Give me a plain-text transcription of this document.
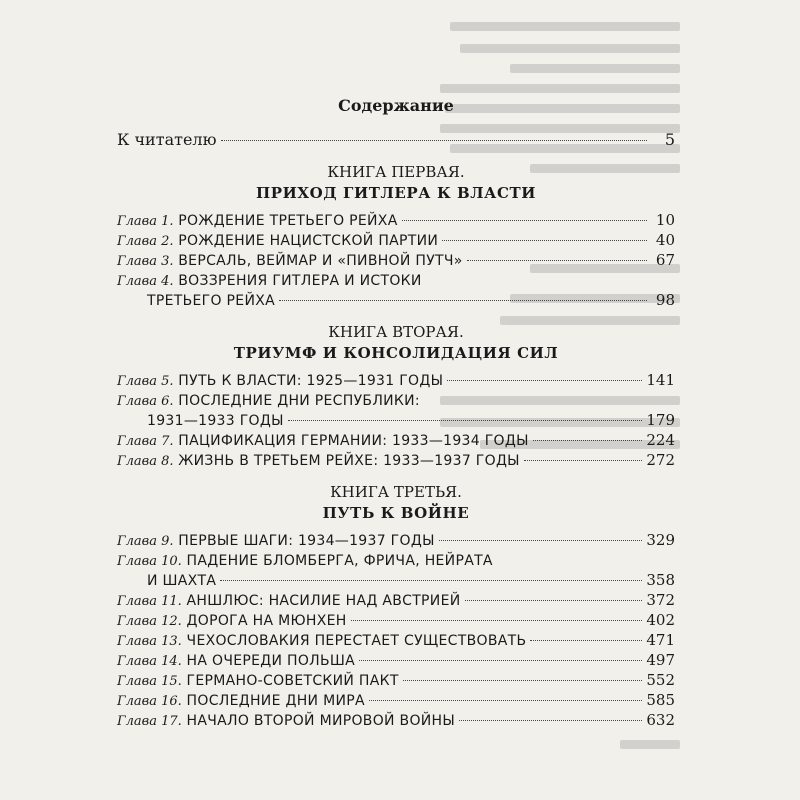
Содержание
К читателю	5
КНИГА ПЕРВАЯ.
ПРИХОД ГИТЛЕРА К ВЛАСТИ
Глава 1. РОЖДЕНИЕ ТРЕТЬЕГО РЕЙХА	10
Глава 2. РОЖДЕНИЕ НАЦИСТСКОЙ ПАРТИИ	40
Глава 3. ВЕРСАЛЬ, ВЕЙМАР И «ПИВНОЙ ПУТЧ»	67
Глава 4. ВОЗЗРЕНИЯ ГИТЛЕРА И ИСТОКИ
ТРЕТЬЕГО РЕЙХА	98
КНИГА ВТОРАЯ.
ТРИУМФ И КОНСОЛИДАЦИЯ СИЛ
Глава 5. ПУТЬ К ВЛАСТИ: 1925—1931 ГОДЫ	141
Глава 6. ПОСЛЕДНИЕ ДНИ РЕСПУБЛИКИ:
1931—1933 ГОДЫ	179
Глава 7. ПАЦИФИКАЦИЯ ГЕРМАНИИ: 1933—1934 ГОДЫ	224
Глава 8. ЖИЗНЬ В ТРЕТЬЕМ РЕЙХЕ: 1933—1937 ГОДЫ	272
КНИГА ТРЕТЬЯ.
ПУТЬ К ВОЙНЕ
Глава 9. ПЕРВЫЕ ШАГИ: 1934—1937 ГОДЫ	329
Глава 10. ПАДЕНИЕ БЛОМБЕРГА, ФРИЧА, НЕЙРАТА
И ШАХТА	358
Глава 11. АНШЛЮС: НАСИЛИЕ НАД АВСТРИЕЙ	372
Глава 12. ДОРОГА НА МЮНХЕН	402
Глава 13. ЧЕХОСЛОВАКИЯ ПЕРЕСТАЕТ СУЩЕСТВОВАТЬ	471
Глава 14. НА ОЧЕРЕДИ ПОЛЬША	497
Глава 15. ГЕРМАНО-СОВЕТСКИЙ ПАКТ	552
Глава 16. ПОСЛЕДНИЕ ДНИ МИРА	585
Глава 17. НАЧАЛО ВТОРОЙ МИРОВОЙ ВОЙНЫ	632
